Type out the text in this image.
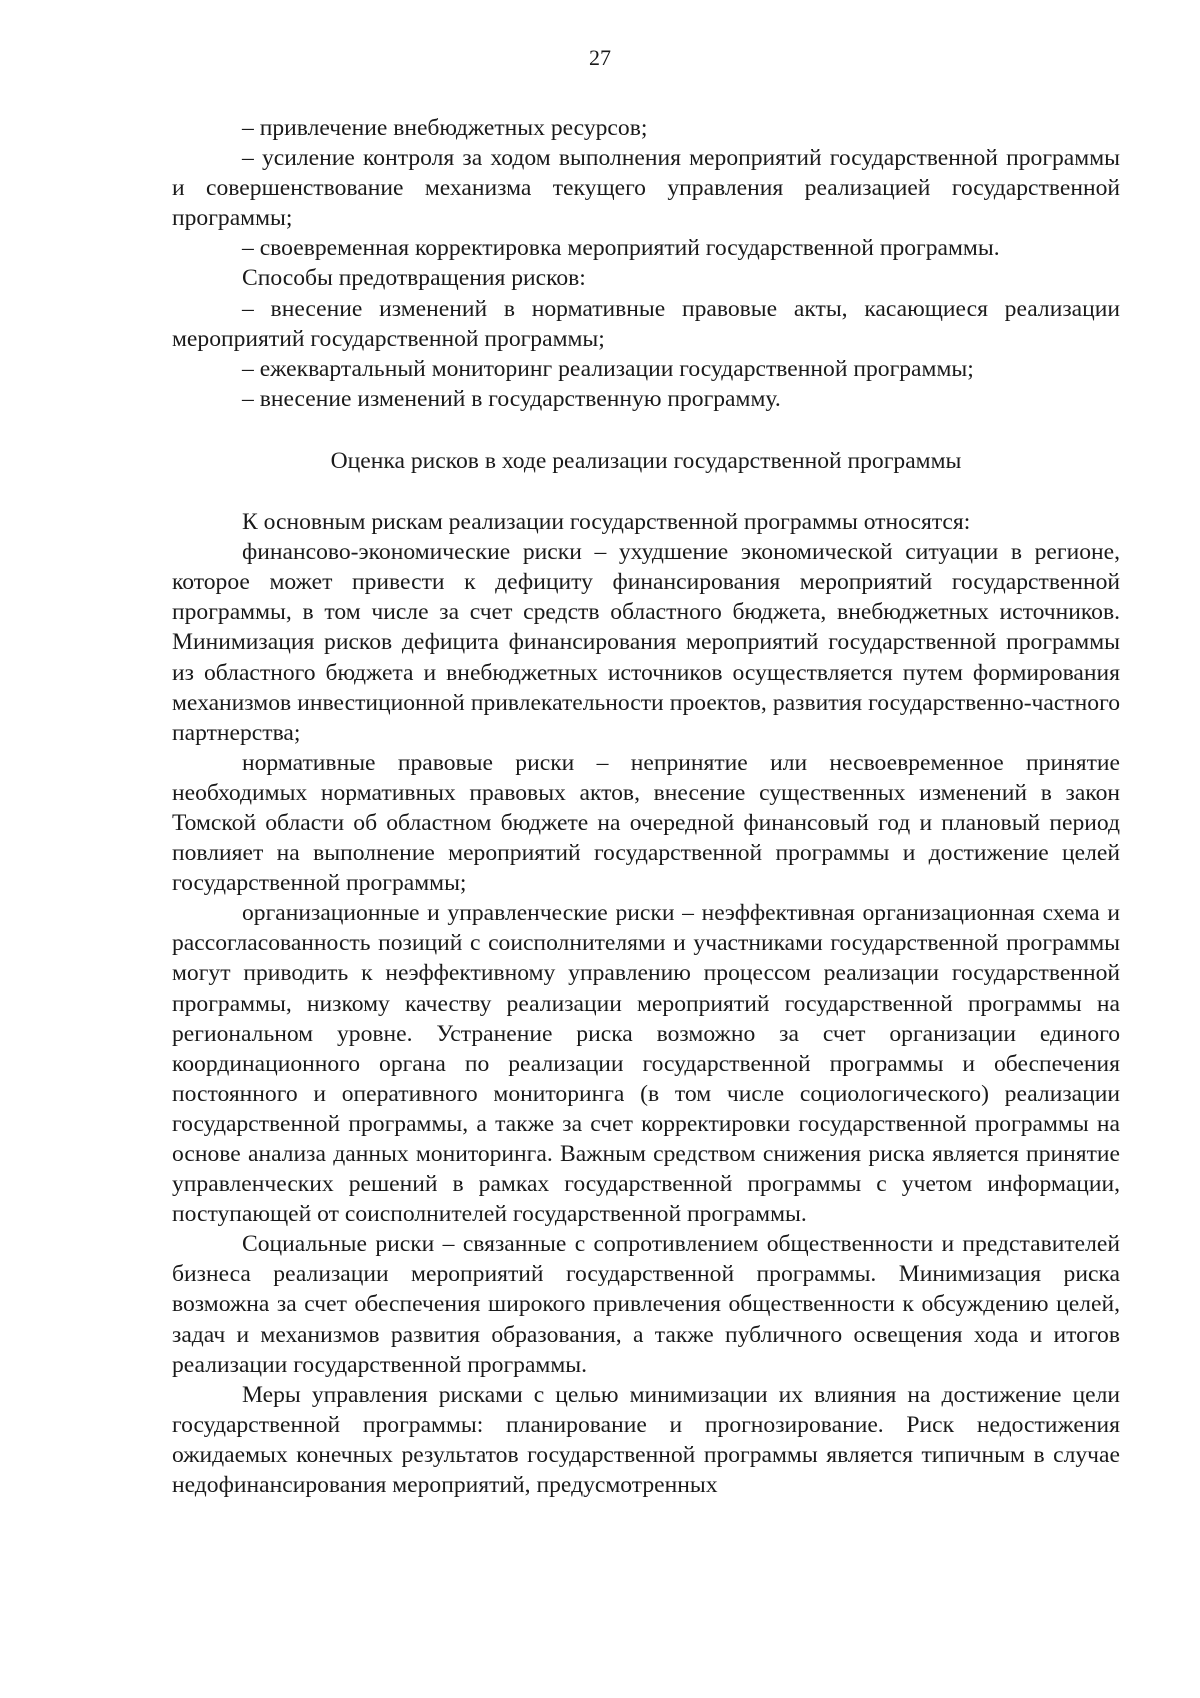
27

– привлечение внебюджетных ресурсов;

– усиление контроля за ходом выполнения мероприятий государственной программы и совершенствование механизма текущего управления реализацией государственной программы;

– своевременная корректировка мероприятий государственной программы.

Способы предотвращения рисков:

– внесение изменений в нормативные правовые акты, касающиеся реализации мероприятий государственной программы;

– ежеквартальный мониторинг реализации государственной программы;

– внесение изменений в государственную программу.

Оценка рисков в ходе реализации государственной программы

К основным рискам реализации государственной программы относятся:

финансово-экономические риски – ухудшение экономической ситуации в регионе, которое может привести к дефициту финансирования мероприятий государственной программы, в том числе за счет средств областного бюджета, внебюджетных источников. Минимизация рисков дефицита финансирования мероприятий государственной программы из областного бюджета и внебюджетных источников осуществляется путем формирования механизмов инвестиционной привлекательности проектов, развития государственно-частного партнерства;

нормативные правовые риски – непринятие или несвоевременное принятие необходимых нормативных правовых актов, внесение существенных изменений в закон Томской области об областном бюджете на очередной финансовый год и плановый период повлияет на выполнение мероприятий государственной программы и достижение целей государственной программы;

организационные и управленческие риски – неэффективная организационная схема и рассогласованность позиций с соисполнителями и участниками государственной программы могут приводить к неэффективному управлению процессом реализации государственной программы, низкому качеству реализации мероприятий государственной программы на региональном уровне. Устранение риска возможно за счет организации единого координационного органа по реализации государственной программы и обеспечения постоянного и оперативного мониторинга (в том числе социологического) реализации государственной программы, а также за счет корректировки государственной программы на основе анализа данных мониторинга. Важным средством снижения риска является принятие управленческих решений в рамках государственной программы с учетом информации, поступающей от соисполнителей государственной программы.

Социальные риски – связанные с сопротивлением общественности и представителей бизнеса реализации мероприятий государственной программы. Минимизация риска возможна за счет обеспечения широкого привлечения общественности к обсуждению целей, задач и механизмов развития образования, а также публичного освещения хода и итогов реализации государственной программы.

Меры управления рисками с целью минимизации их влияния на достижение цели государственной программы: планирование и прогнозирование. Риск недостижения ожидаемых конечных результатов государственной программы является типичным в случае недофинансирования мероприятий, предусмотренных
